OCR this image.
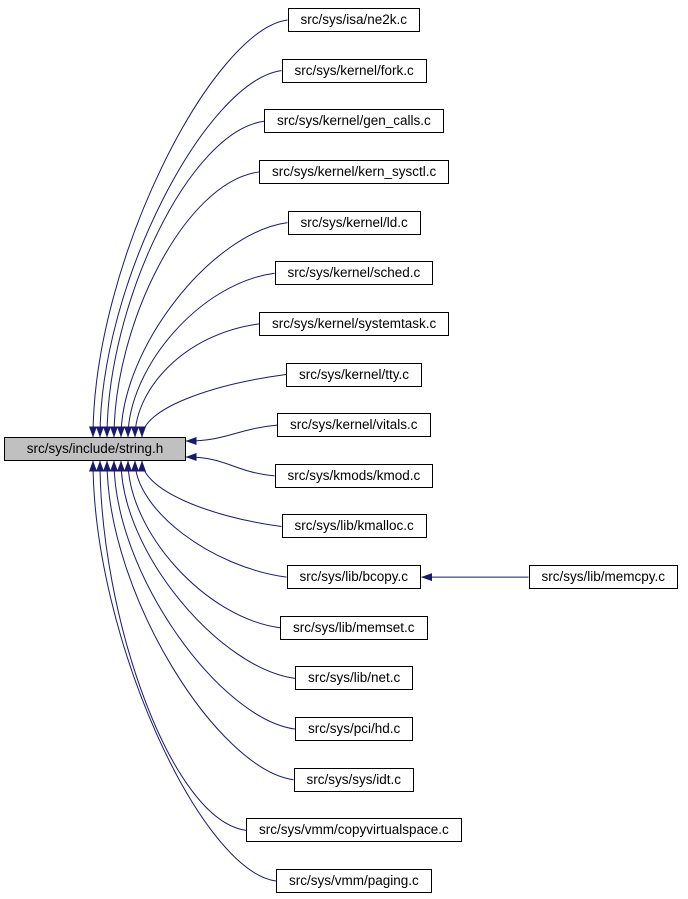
src/sys/include/string.h
src/sys/isa/ne2k.c
src/sys/kernel/fork.c
src/sys/kernel/gen_calls.c
src/sys/kernel/kern_sysctl.c
src/sys/kernel/ld.c
src/sys/kernel/sched.c
src/sys/kernel/systemtask.c
src/sys/kernel/tty.c
src/sys/kernel/vitals.c
src/sys/kmods/kmod.c
src/sys/lib/kmalloc.c
src/sys/lib/bcopy.c
src/sys/lib/memset.c
src/sys/lib/net.c
src/sys/pci/hd.c
src/sys/sys/idt.c
src/sys/vmm/copyvirtualspace.c
src/sys/vmm/paging.c
src/sys/lib/memcpy.c
